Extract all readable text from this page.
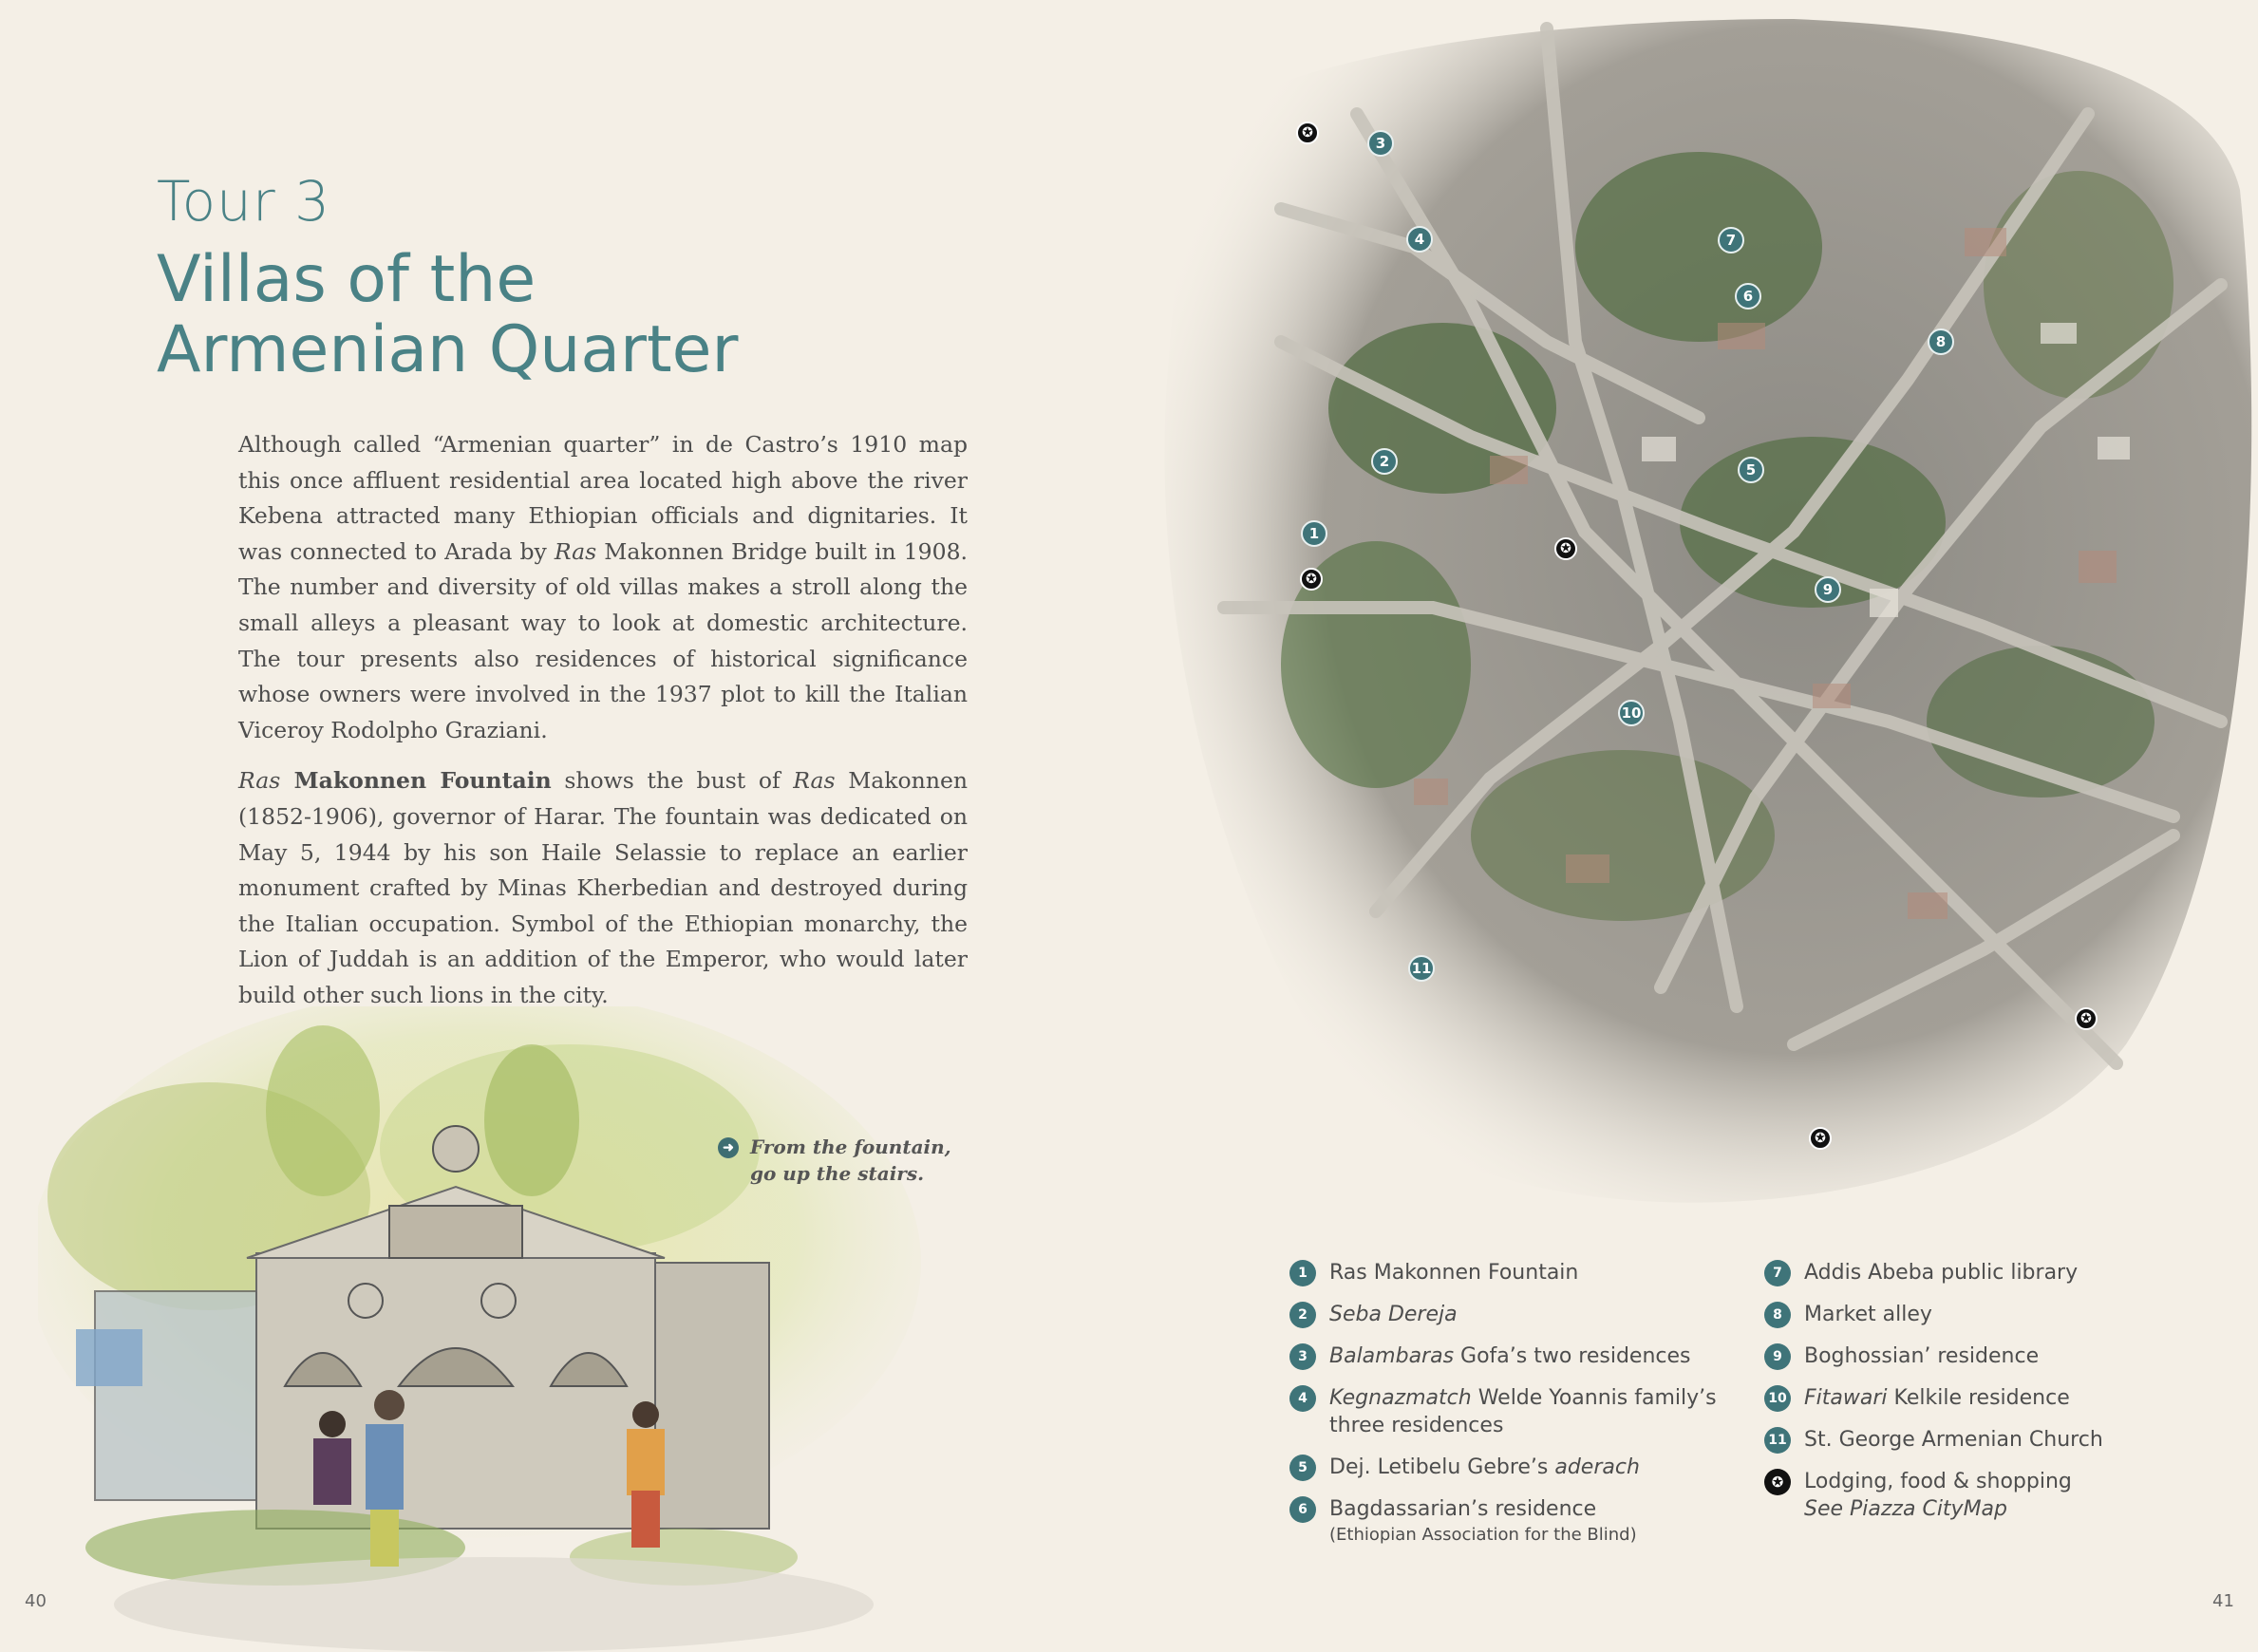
Tour 3
Villas of the
Armenian Quarter

Although called “Armenian quarter” in de Castro’s 1910 map this once affluent residential area located high above the river Kebena attracted many Ethiopian officials and dignitaries. It was connected to Arada by Ras Makonnen Bridge built in 1908. The number and diversity of old villas makes a stroll along the small alleys a pleasant way to look at domestic architecture. The tour presents also residences of historical significance whose owners were involved in the 1937 plot to kill the Italian Viceroy Rodolpho Graziani.

Ras Makonnen Fountain shows the bust of Ras Makonnen (1852-1906), governor of Harar. The fountain was dedicated on May 5, 1944 by his son Haile Selassie to replace an earlier monument crafted by Minas Kherbedian and destroyed during the Italian occupation. Symbol of the Ethiopian monarchy, the Lion of Juddah is an addition of the Emperor, who would later build other such lions in the city.

➜ From the fountain,
go up the stairs.
40
3
4	7
6
8
2	5
1
9
10
11
✪
✪
✪
✪
✪
1	Ras Makonnen Fountain
2	Seba Dereja
3	Balambaras Gofa’s two residences
4	Kegnazmatch Welde Yoannis family’s three residences
5	Dej. Letibelu Gebre’s aderach
6	Bagdassarian’s residence
(Ethiopian Association for the Blind)
7	Addis Abeba public library
8	Market alley
9	Boghossian’ residence
10 Fitawari Kelkile residence
11 St. George Armenian Church
✪ Lodging, food & shopping
See Piazza CityMap
41
